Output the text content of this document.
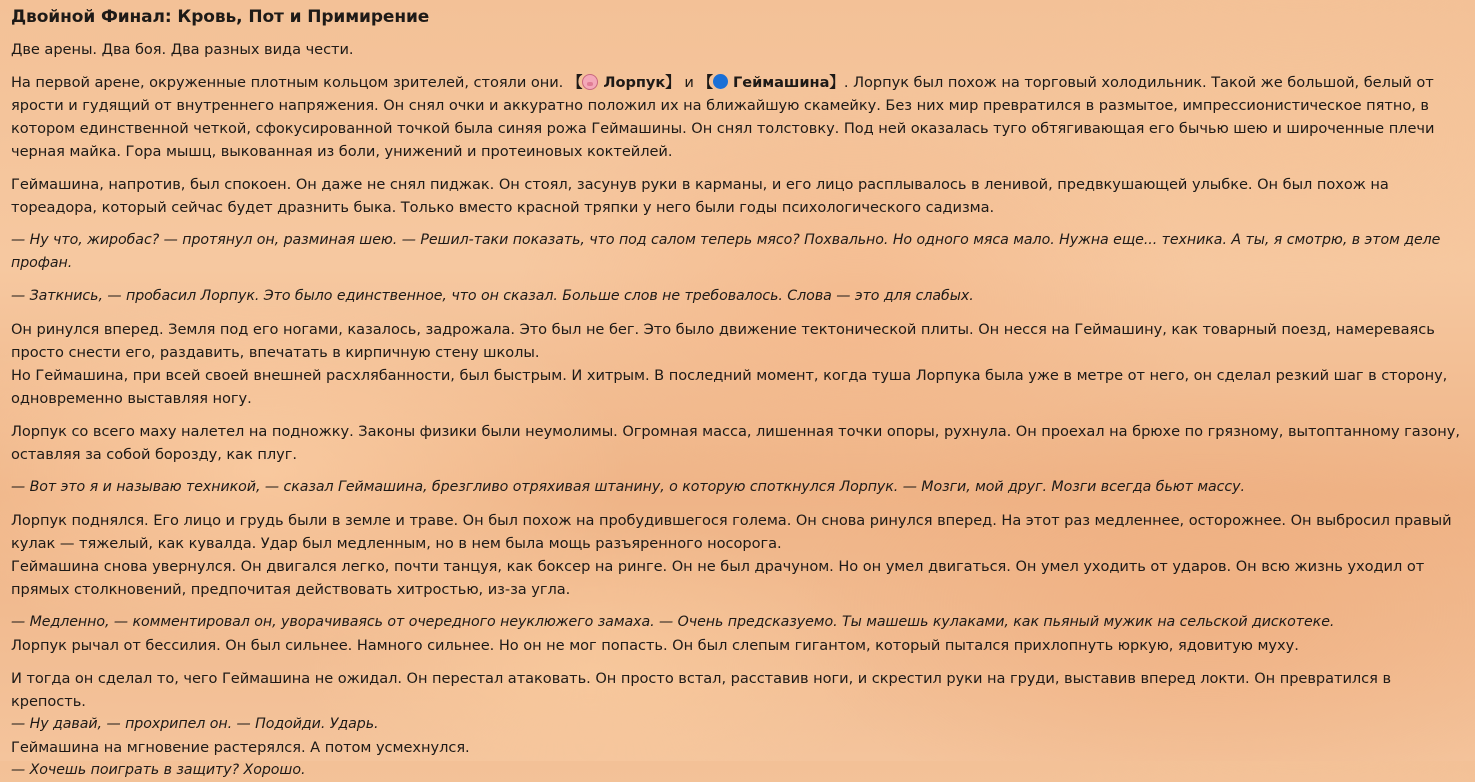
Двойной Финал: Кровь, Пот и Примирение
Две арены. Два боя. Два разных вида чести.
На первой арене, окруженные плотным кольцом зрителей, стояли они. 【 Лорпук】 и 【 Геймашина】. Лорпук был похож на торговый холодильник. Такой же большой, белый от ярости и гудящий от внутреннего напряжения. Он снял очки и аккуратно положил их на ближайшую скамейку. Без них мир превратился в размытое, импрессионистическое пятно, в котором единственной четкой, сфокусированной точкой была синяя рожа Геймашины. Он снял толстовку. Под ней оказалась туго обтягивающая его бычью шею и широченные плечи черная майка. Гора мышц, выкованная из боли, унижений и протеиновых коктейлей.
Геймашина, напротив, был спокоен. Он даже не снял пиджак. Он стоял, засунув руки в карманы, и его лицо расплывалось в ленивой, предвкушающей улыбке. Он был похож на тореадора, который сейчас будет дразнить быка. Только вместо красной тряпки у него были годы психологического садизма.
— Ну что, жиробас? — протянул он, разминая шею. — Решил-таки показать, что под салом теперь мясо? Похвально. Но одного мяса мало. Нужна еще... техника. А ты, я смотрю, в этом деле профан.
— Заткнись, — пробасил Лорпук. Это было единственное, что он сказал. Больше слов не требовалось. Слова — это для слабых.
Он ринулся вперед. Земля под его ногами, казалось, задрожала. Это был не бег. Это было движение тектонической плиты. Он несся на Геймашину, как товарный поезд, намереваясь просто снести его, раздавить, впечатать в кирпичную стену школы.
Но Геймашина, при всей своей внешней расхлябанности, был быстрым. И хитрым. В последний момент, когда туша Лорпука была уже в метре от него, он сделал резкий шаг в сторону, одновременно выставляя ногу.
Лорпук со всего маху налетел на подножку. Законы физики были неумолимы. Огромная масса, лишенная точки опоры, рухнула. Он проехал на брюхе по грязному, вытоптанному газону, оставляя за собой борозду, как плуг.
— Вот это я и называю техникой, — сказал Геймашина, брезгливо отряхивая штанину, о которую споткнулся Лорпук. — Мозги, мой друг. Мозги всегда бьют массу.
Лорпук поднялся. Его лицо и грудь были в земле и траве. Он был похож на пробудившегося голема. Он снова ринулся вперед. На этот раз медленнее, осторожнее. Он выбросил правый кулак — тяжелый, как кувалда. Удар был медленным, но в нем была мощь разъяренного носорога.
Геймашина снова увернулся. Он двигался легко, почти танцуя, как боксер на ринге. Он не был драчуном. Но он умел двигаться. Он умел уходить от ударов. Он всю жизнь уходил от прямых столкновений, предпочитая действовать хитростью, из-за угла.
— Медленно, — комментировал он, уворачиваясь от очередного неуклюжего замаха. — Очень предсказуемо. Ты машешь кулаками, как пьяный мужик на сельской дискотеке.
Лорпук рычал от бессилия. Он был сильнее. Намного сильнее. Но он не мог попасть. Он был слепым гигантом, который пытался прихлопнуть юркую, ядовитую муху.
И тогда он сделал то, чего Геймашина не ожидал. Он перестал атаковать. Он просто встал, расставив ноги, и скрестил руки на груди, выставив вперед локти. Он превратился в крепость.
— Ну давай, — прохрипел он. — Подойди. Ударь.
Геймашина на мгновение растерялся. А потом усмехнулся.
— Хочешь поиграть в защиту? Хорошо.
